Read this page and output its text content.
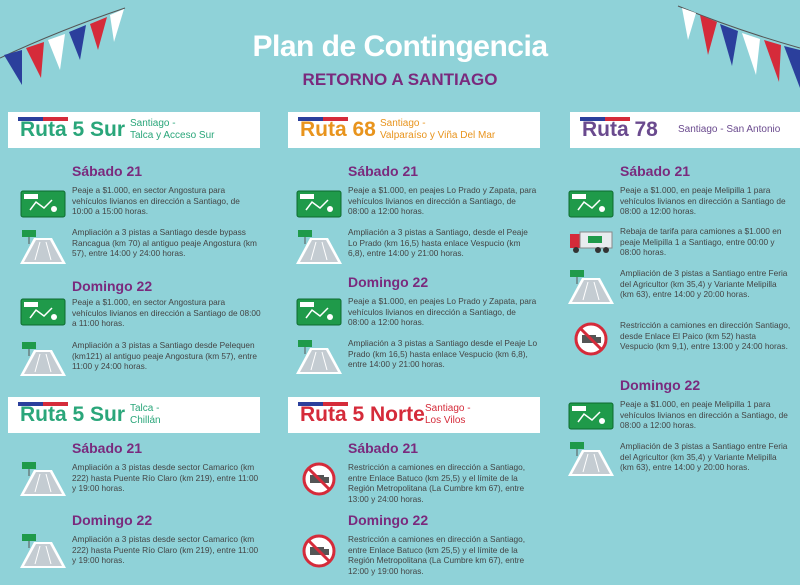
Plan de Contingencia
RETORNO A SANTIAGO
Ruta 5 Sur Santiago -
Talca y Acceso Sur	Ruta 68 Santiago -
Valparaíso y Viña Del Mar	Ruta 78 Santiago - San Antonio
Ruta 5 Sur Talca -
Chillán	Ruta 5 Norte Santiago -
Los Vilos
Sábado 21
Peaje a $1.000, en sector Angostura para vehículos livianos en dirección a Santiago, de 10:00 a 15:00 horas.
Ampliación a 3 pistas a Santiago desde bypass Rancagua (km 70) al antiguo peaje Angostura (km 57), entre 14:00 y 24:00 horas.
Domingo 22
Peaje a $1.000, en sector Angostura para vehículos livianos en dirección a Santiago de 08:00 a 11:00 horas.
Ampliación a 3 pistas a Santiago desde Pelequen (km121) al antiguo peaje Angostura (km 57), entre 11:00 y 24:00 horas.
Sábado 21
Ampliación a 3 pistas desde sector Camarico (km 222) hasta Puente Río Claro (km 219), entre 11:00 y 19:00 horas.
Domingo 22
Ampliación a 3 pistas desde sector Camarico (km 222) hasta Puente Río Claro (km 219), entre 11:00 y 19:00 horas.
Sábado 21
Peaje a $1.000, en peajes Lo Prado y Zapata, para vehículos livianos en dirección a Santiago, de 08:00 a 12:00 horas.
Ampliación a 3 pistas a Santiago, desde el Peaje Lo Prado (km 16,5) hasta enlace Vespucio (km 6,8), entre 14:00 y 21:00 horas.
Domingo 22
Peaje a $1.000, en peajes Lo Prado y Zapata, para vehículos livianos en dirección a Santiago, de 08:00 a 12:00 horas.
Ampliación a 3 pistas a Santiago desde el Peaje Lo Prado (km 16,5) hasta enlace Vespucio (km 6,8), entre 14:00 y 21:00 horas.
Sábado 21
Restricción a camiones en dirección a Santiago, entre Enlace Batuco (km 25,5) y el límite de la Región Metropolitana (La Cumbre km 67), entre 13:00 y 24:00 horas.
Domingo 22
Restricción a camiones en dirección a Santiago, entre Enlace Batuco (km 25,5) y el límite de la Región Metropolitana (La Cumbre km 67), entre 12:00 y 19:00 horas.
Sábado 21
Peaje a $1.000, en peaje Melipilla 1 para vehículos livianos en dirección a Santiago de 08:00 a 12:00 horas.
Rebaja de tarifa para camiones a $1.000 en peaje Melipilla 1 a Santiago, entre 00:00 y 08:00 horas.
Ampliación de 3 pistas a Santiago entre Feria del Agricultor (km 35,4) y Variante Melipilla (km 63), entre 14:00 y 20:00 horas.
Restricción a camiones en dirección Santiago, desde Enlace El Paico (km 52) hasta Vespucio (km 9,1), entre 13:00 y 24:00 horas.
Domingo 22
Peaje a $1.000, en peaje Melipilla 1 para vehículos livianos en dirección a Santiago, de 08:00 a 12:00 horas.
Ampliación de 3 pistas a Santiago entre Feria del Agricultor (km 35,4) y Variante Melipilla (km 63), entre 14:00 y 20:00 horas.
